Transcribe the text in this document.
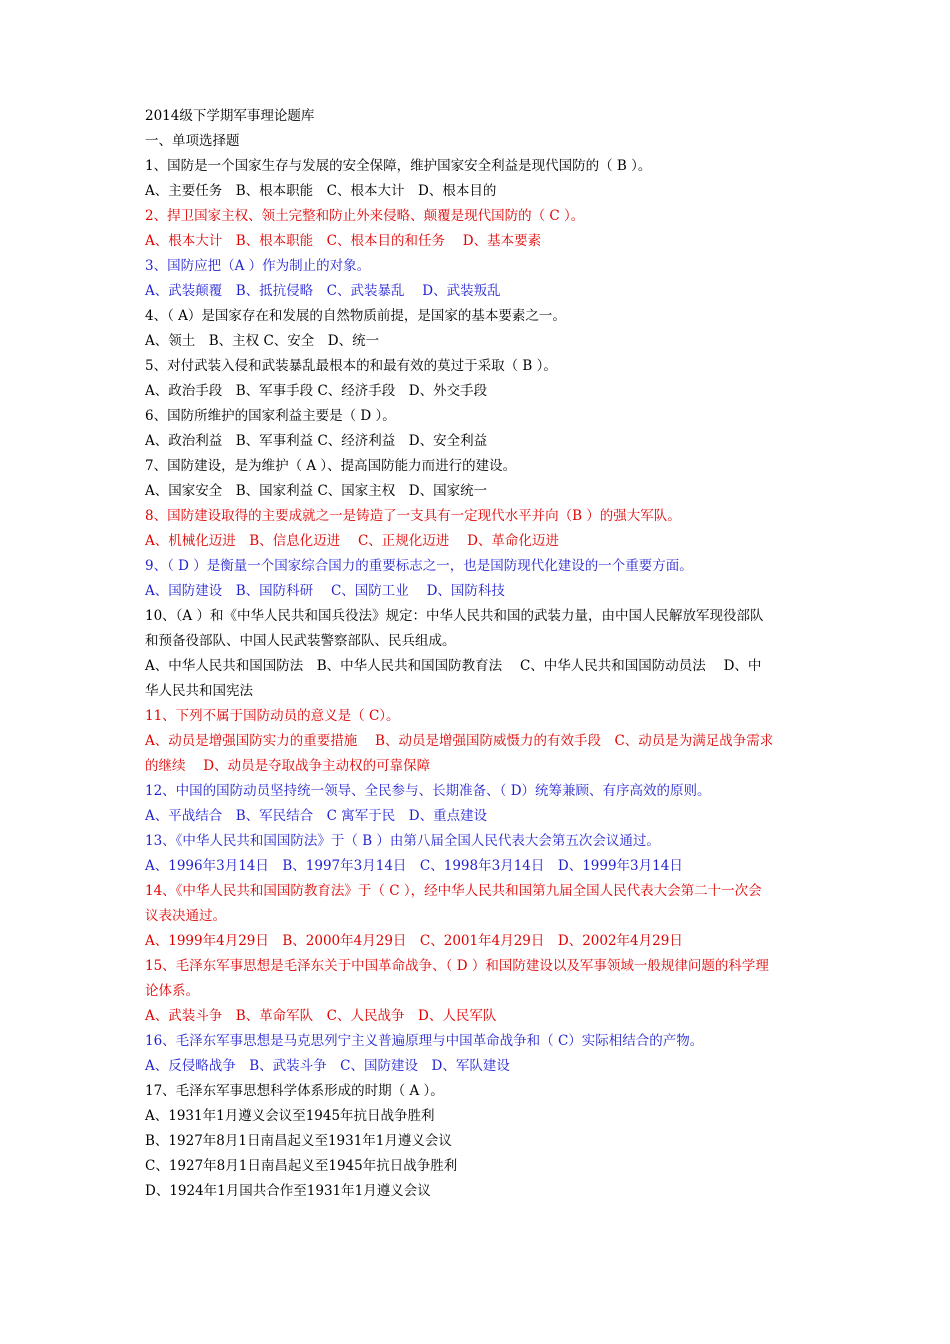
2014级下学期军事理论题库
一、单项选择题
1、国防是一个国家生存与发展的安全保障，维护国家安全利益是现代国防的（ B ）。
A、主要任务　B、根本职能　C、根本大计　D、根本目的
2、捍卫国家主权、领土完整和防止外来侵略、颠覆是现代国防的（ C ）。
A、根本大计　B、根本职能　C、根本目的和任务　 D、基本要素
3、国防应把（A ）作为制止的对象。
A、武装颠覆　B、抵抗侵略　C、武装暴乱　 D、武装叛乱
4、（ A）是国家存在和发展的自然物质前提，是国家的基本要素之一。
A、领土　B、主权 C、安全　D、统一
5、对付武装入侵和武装暴乱最根本的和最有效的莫过于采取（ B ）。
A、政治手段　B、军事手段 C、经济手段　D、外交手段
6、国防所维护的国家利益主要是（ D ）。
A、政治利益　B、军事利益 C、经济利益　D、安全利益
7、国防建设，是为维护（ A ）、提高国防能力而进行的建设。
A、国家安全　B、国家利益 C、国家主权　D、国家统一
8、国防建设取得的主要成就之一是铸造了一支具有一定现代水平并向（B ）的强大军队。
A、机械化迈进　B、信息化迈进　 C、正规化迈进　 D、革命化迈进
9、（ D ）是衡量一个国家综合国力的重要标志之一，也是国防现代化建设的一个重要方面。
A、国防建设　B、国防科研　 C、国防工业　 D、国防科技
10、（A ）和《中华人民共和国兵役法》规定：中华人民共和国的武装力量，由中国人民解放军现役部队
和预备役部队、中国人民武装警察部队、民兵组成。
A、中华人民共和国国防法　B、中华人民共和国国防教育法　 C、中华人民共和国国防动员法　 D、中
华人民共和国宪法
11、下列不属于国防动员的意义是（ C）。
A、动员是增强国防实力的重要措施　 B、动员是增强国防威慑力的有效手段　C、动员是为满足战争需求
的继续　 D、动员是夺取战争主动权的可靠保障
12、中国的国防动员坚持统一领导、全民参与、长期准备、（ D）统筹兼顾、有序高效的原则。
A、平战结合　B、军民结合　C 寓军于民　D、重点建设
13、《中华人民共和国国防法》于（ B ）由第八届全国人民代表大会第五次会议通过。
A、1996年3月14日　B、1997年3月14日　C、1998年3月14日　D、1999年3月14日
14、《中华人民共和国国防教育法》于（ C ），经中华人民共和国第九届全国人民代表大会第二十一次会
议表决通过。
A、1999年4月29日　B、2000年4月29日　C、2001年4月29日　D、2002年4月29日
15、毛泽东军事思想是毛泽东关于中国革命战争、（ D ）和国防建设以及军事领域一般规律问题的科学理
论体系。
A、武装斗争　B、革命军队　C、人民战争　D、人民军队
16、毛泽东军事思想是马克思列宁主义普遍原理与中国革命战争和（ C）实际相结合的产物。
A、反侵略战争　B、武装斗争　C、国防建设　D、军队建设
17、毛泽东军事思想科学体系形成的时期（ A ）。
A、1931年1月遵义会议至1945年抗日战争胜利
B、1927年8月1日南昌起义至1931年1月遵义会议
C、1927年8月1日南昌起义至1945年抗日战争胜利
D、1924年1月国共合作至1931年1月遵义会议
